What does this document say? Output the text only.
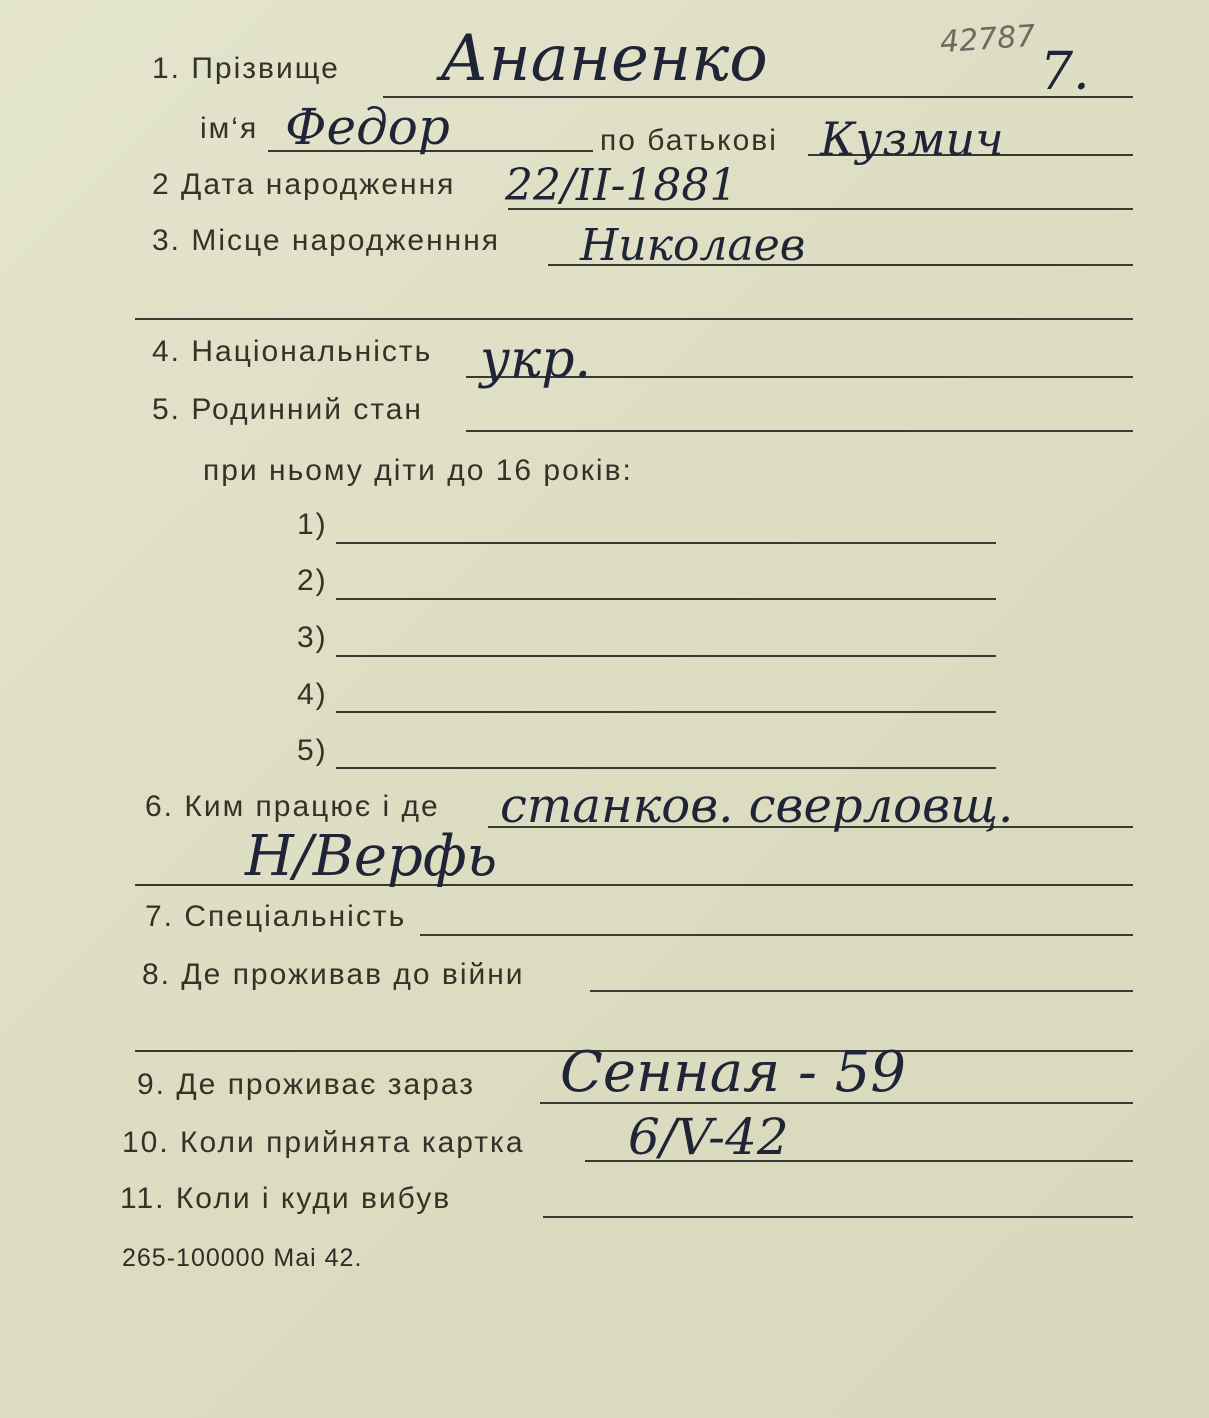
42787
1. Прізвище Ананенко	7.
ім‘я Федор	по батькові Кузмич
2 Дата народження 22/II-1881
3. Місце народженння Николаев
4. Національність укр.
5. Родинний стан
при ньому діти до 16 років:
1)
2)
3)
4)
5)
6. Ким працює і де станков. сверловщ.
Н/Верфь
7. Спеціальність
8. Де проживав до війни
9. Де проживає зараз Сенная - 59
10. Коли прийнята картка 6/V-42
11. Коли і куди вибув
265-100000 Mai 42.
